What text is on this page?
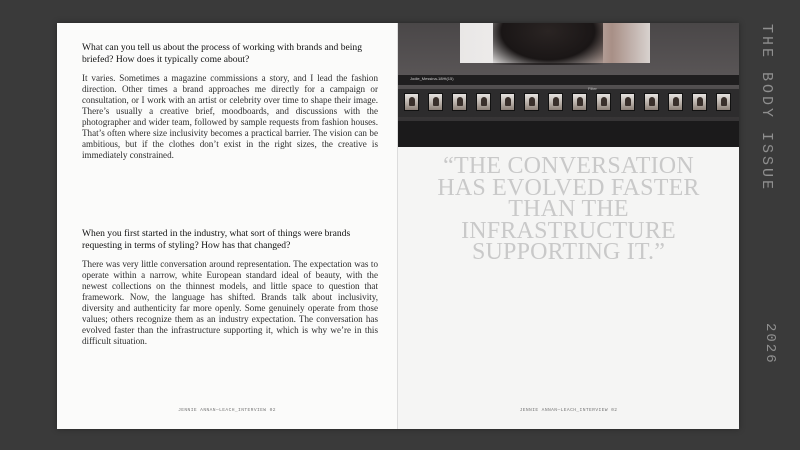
What can you tell us about the process of working with brands and being briefed? How does it typically come about?

It varies. Sometimes a magazine commissions a story, and I lead the fashion direction. Other times a brand approaches me directly for a campaign or consultation, or I work with an artist or celebrity over time to shape their image. There’s usually a creative brief, moodboards, and discussions with the photographer and wider team, followed by sample requests from fashion houses. That’s often where size inclusivity becomes a practical barrier. The vision can be ambitious, but if the clothes don’t exist in the right sizes, the creative is immediately constrained.

When you first started in the industry, what sort of things were brands requesting in terms of styling? How has that changed?

There was very little conversation around representation. The expectation was to operate within a narrow, white European standard ideal of beauty, with the newest collections on the thinnest models, and little space to question that framework. Now, the language has shifted. Brands talk about inclusivity, diversity and authenticity far more openly. Some genuinely operate from those values; others recognize them as an industry expectation. The conversation has evolved faster than the infrastructure supporting it, which is why we’re in this difficult situation.

JENNIE ANNAN—LEACH_INTERVIEW 02
Jodie_Messina-18Ht(15)
Filter

“THE CONVERSATION HAS EVOLVED FASTER THAN THE INFRASTRUCTURE SUPPORTING IT.”

JENNIE ANNAN—LEACH_INTERVIEW 02
THE BODY ISSUE
2026
